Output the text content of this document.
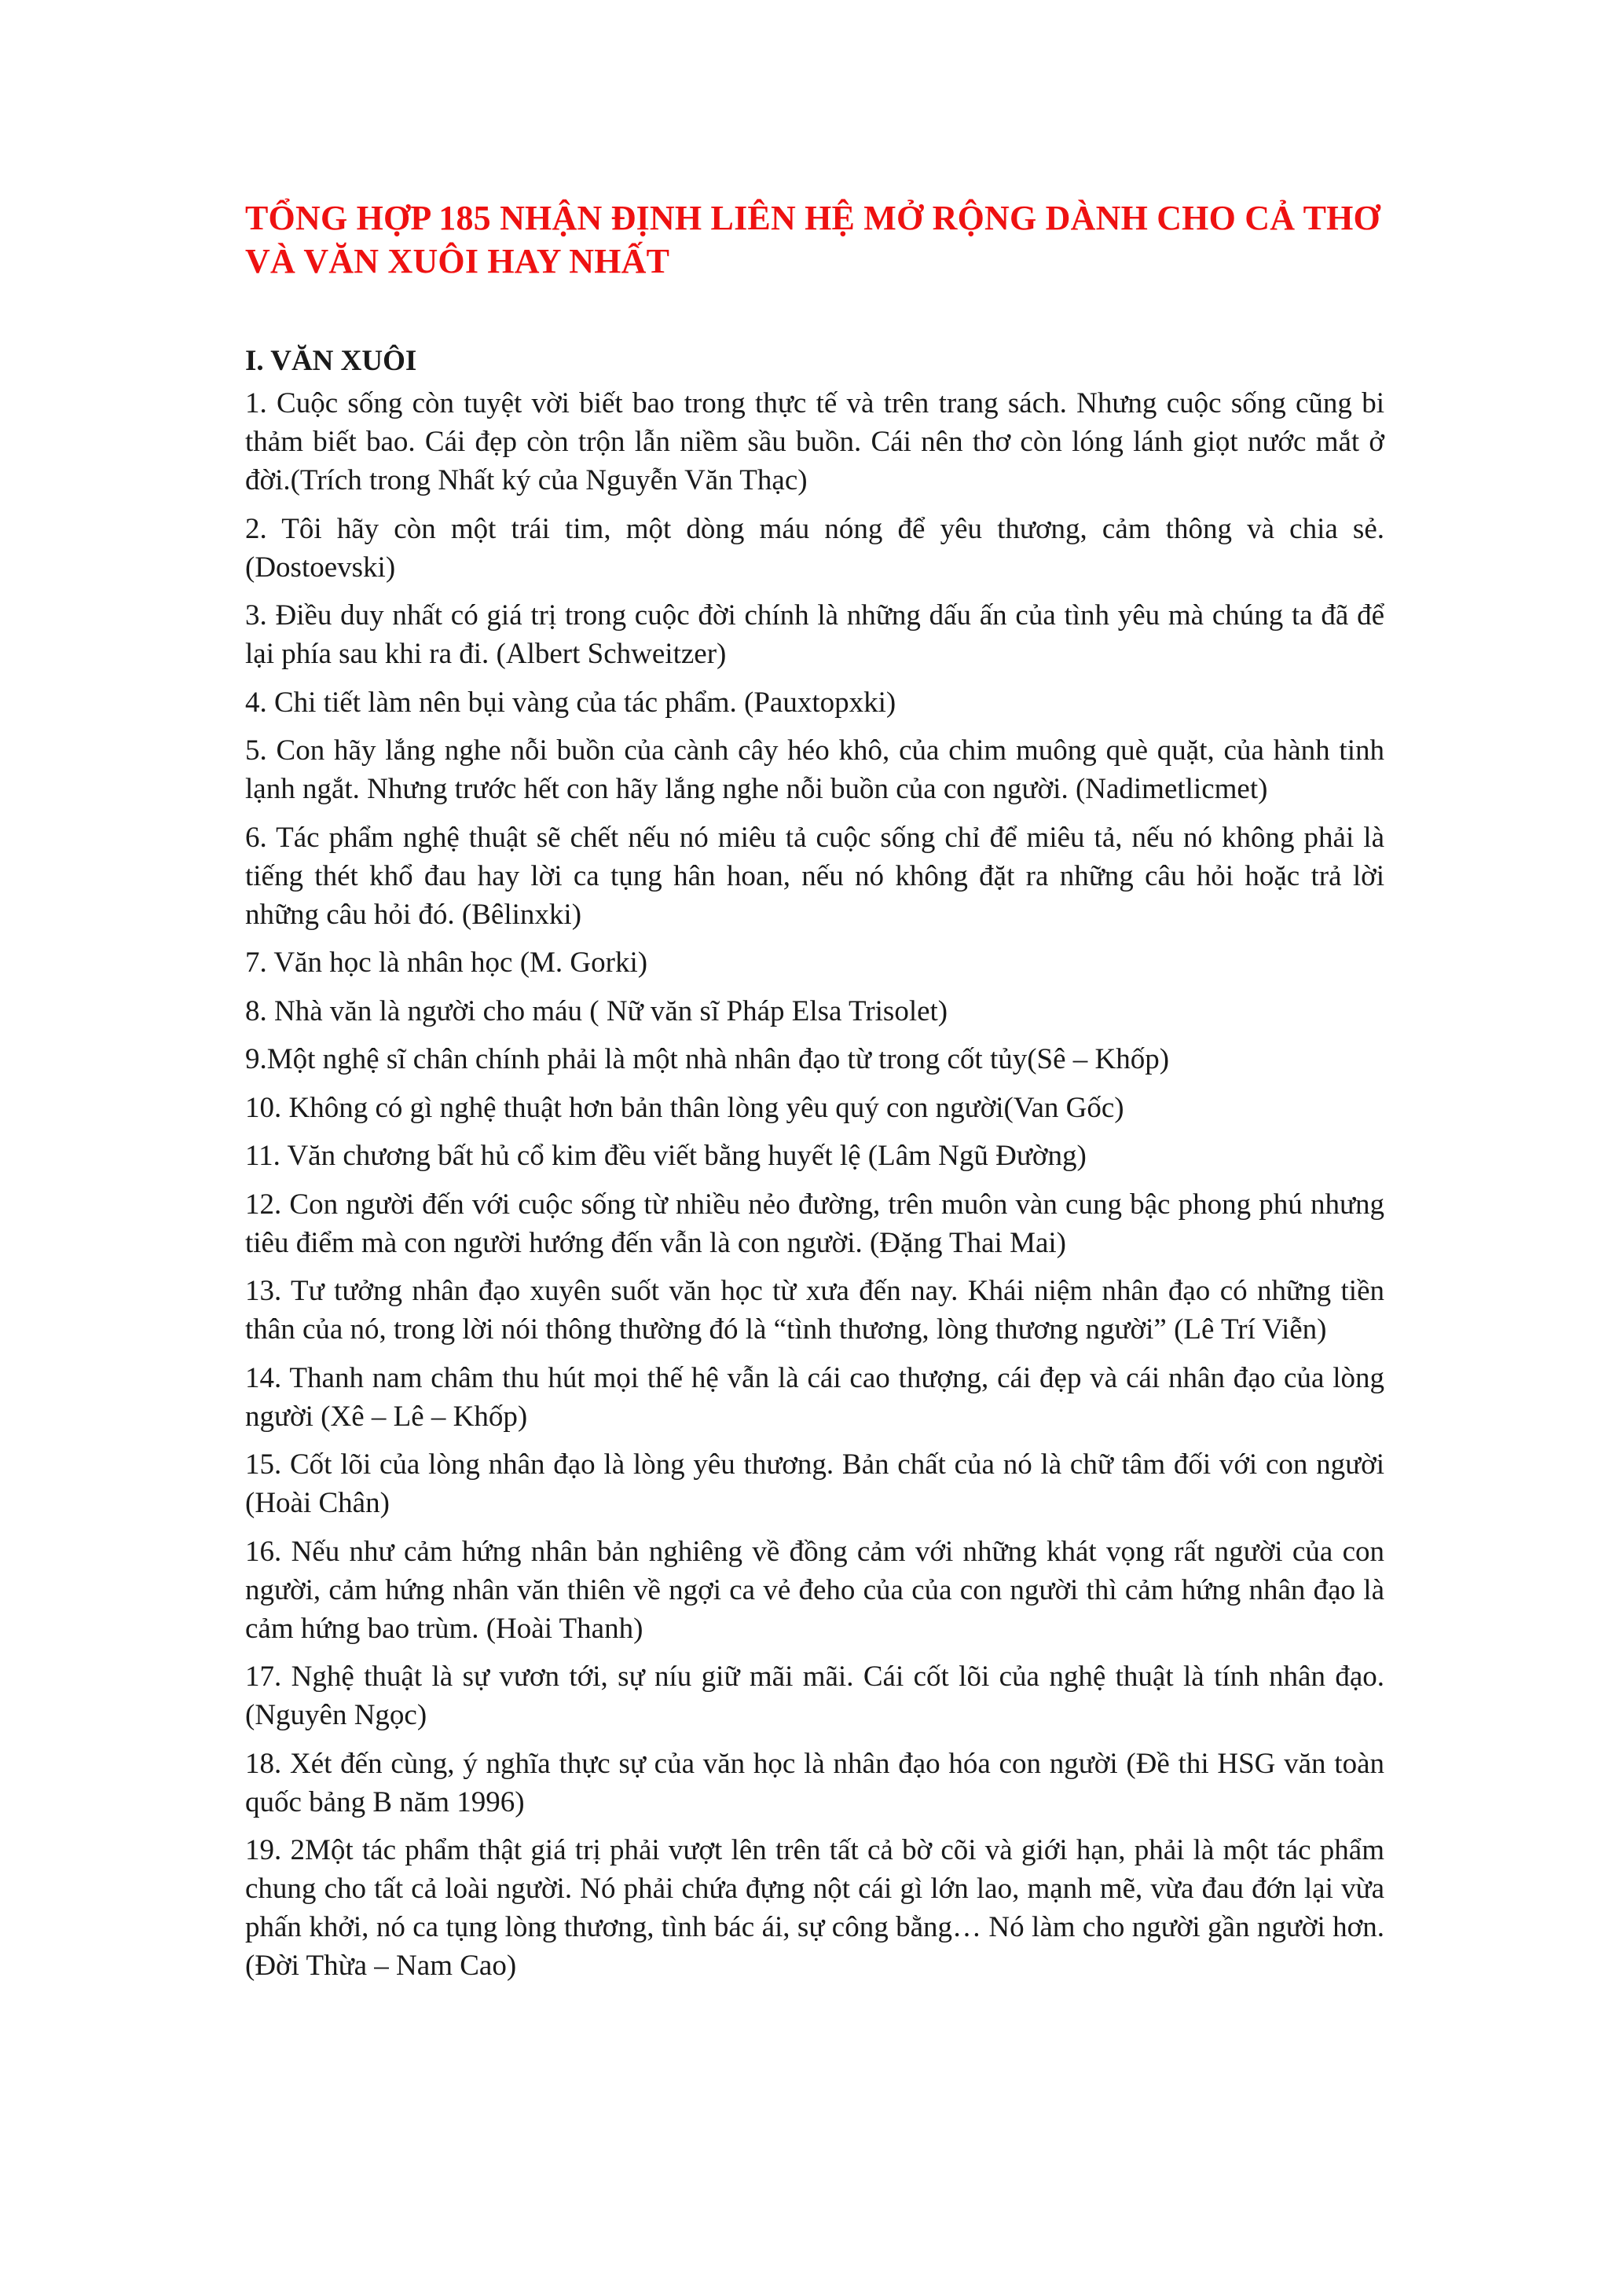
TỔNG HỢP 185 NHẬN ĐỊNH LIÊN HỆ MỞ RỘNG DÀNH CHO CẢ THƠ VÀ VĂN XUÔI HAY NHẤT
I. VĂN XUÔI
1. Cuộc sống còn tuyệt vời biết bao trong thực tế và trên trang sách. Nhưng cuộc sống cũng bi thảm biết bao. Cái đẹp còn trộn lẫn niềm sầu buồn. Cái nên thơ còn lóng lánh giọt nước mắt ở đời.(Trích trong Nhất ký của Nguyễn Văn Thạc)
2. Tôi hãy còn một trái tim, một dòng máu nóng để yêu thương, cảm thông và chia sẻ. (Dostoevski)
3. Điều duy nhất có giá trị trong cuộc đời chính là những dấu ấn của tình yêu mà chúng ta đã để lại phía sau khi ra đi. (Albert Schweitzer)
4. Chi tiết làm nên bụi vàng của tác phẩm. (Pauxtopxki)
5. Con hãy lắng nghe nỗi buồn của cành cây héo khô, của chim muông què quặt, của hành tinh lạnh ngắt. Nhưng trước hết con hãy lắng nghe nỗi buồn của con người. (Nadimetlicmet)
6. Tác phẩm nghệ thuật sẽ chết nếu nó miêu tả cuộc sống chỉ để miêu tả, nếu nó không phải là tiếng thét khổ đau hay lời ca tụng hân hoan, nếu nó không đặt ra những câu hỏi hoặc trả lời những câu hỏi đó. (Bêlinxki)
7. Văn học là nhân học (M. Gorki)
8. Nhà văn là người cho máu ( Nữ văn sĩ Pháp Elsa Trisolet)
9.Một nghệ sĩ chân chính phải là một nhà nhân đạo từ trong cốt tủy(Sê – Khốp)
10. Không có gì nghệ thuật hơn bản thân lòng yêu quý con người(Van Gốc)
11. Văn chương bất hủ cổ kim đều viết bằng huyết lệ (Lâm Ngũ Đường)
12. Con người đến với cuộc sống từ nhiều nẻo đường, trên muôn vàn cung bậc phong phú nhưng tiêu điểm mà con người hướng đến vẫn là con người. (Đặng Thai Mai)
13. Tư tưởng nhân đạo xuyên suốt văn học từ xưa đến nay. Khái niệm nhân đạo có những tiền thân của nó, trong lời nói thông thường đó là “tình thương, lòng thương người” (Lê Trí Viễn)
14. Thanh nam châm thu hút mọi thế hệ vẫn là cái cao thượng, cái đẹp và cái nhân đạo của lòng người (Xê – Lê – Khốp)
15. Cốt lõi của lòng nhân đạo là lòng yêu thương. Bản chất của nó là chữ tâm đối với con người (Hoài Chân)
16. Nếu như cảm hứng nhân bản nghiêng về đồng cảm với những khát vọng rất người của con người, cảm hứng nhân văn thiên về ngợi ca vẻ đeho của của con người thì cảm hứng nhân đạo là cảm hứng bao trùm. (Hoài Thanh)
17. Nghệ thuật là sự vươn tới, sự níu giữ mãi mãi. Cái cốt lõi của nghệ thuật là tính nhân đạo. (Nguyên Ngọc)
18. Xét đến cùng, ý nghĩa thực sự của văn học là nhân đạo hóa con người (Đề thi HSG văn toàn quốc bảng B năm 1996)
19. 2Một tác phẩm thật giá trị phải vượt lên trên tất cả bờ cõi và giới hạn, phải là một tác phẩm chung cho tất cả loài người. Nó phải chứa đựng nột cái gì lớn lao, mạnh mẽ, vừa đau đớn lại vừa phấn khởi, nó ca tụng lòng thương, tình bác ái, sự công bằng… Nó làm cho người gần người hơn. (Đời Thừa – Nam Cao)
